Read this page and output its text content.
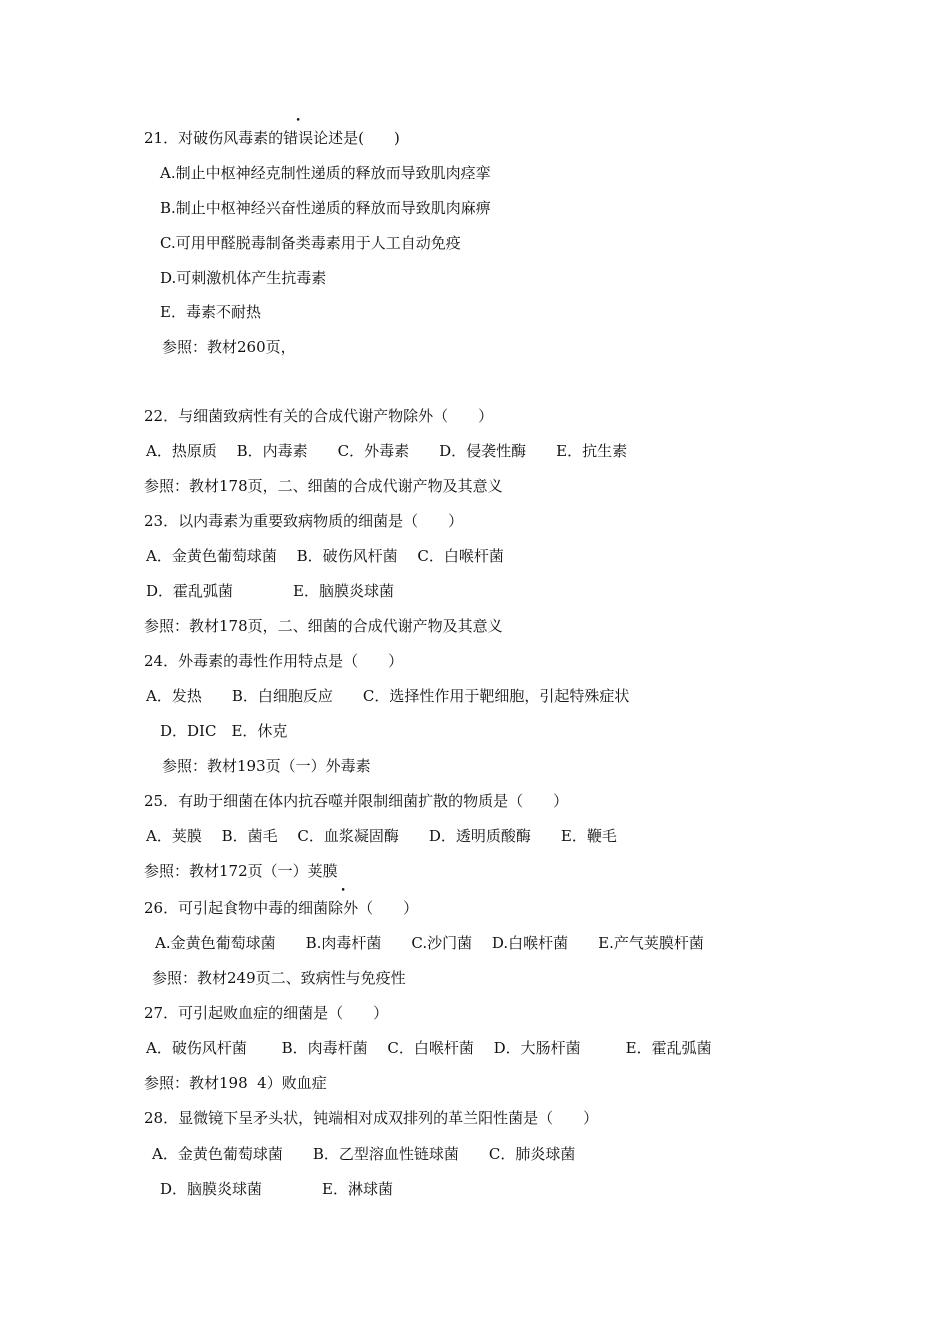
21．对破伤风毒素的错误论述是(　　)
A.制止中枢神经克制性递质的释放而导致肌肉痉挛
B.制止中枢神经兴奋性递质的释放而导致肌肉麻痹
C.可用甲醛脱毒制备类毒素用于人工自动免疫
D.可刺激机体产生抗毒素
E．毒素不耐热
参照：教材260页，
22．与细菌致病性有关的合成代谢产物除外（　　）
A．热原质　 B．内毒素　　C．外毒素　　D．侵袭性酶　　E．抗生素
参照：教材178页，二、细菌的合成代谢产物及其意义
23．以内毒素为重要致病物质的细菌是（　　）
A．金黄色葡萄球菌　 B．破伤风杆菌　 C．白喉杆菌
D．霍乱弧菌　　　　E．脑膜炎球菌
参照：教材178页，二、细菌的合成代谢产物及其意义
24．外毒素的毒性作用特点是（　　）
A．发热　　B．白细胞反应　　C．选择性作用于靶细胞，引起特殊症状
D．DIC　E．休克
参照：教材193页（一）外毒素
25．有助于细菌在体内抗吞噬并限制细菌扩散的物质是（　　）
A．荚膜　 B．菌毛　 C．血浆凝固酶　　D．透明质酸酶　　E．鞭毛
参照：教材172页（一）荚膜
26．可引起食物中毒的细菌除外（　　）
A.金黄色葡萄球菌　　B.肉毒杆菌　　C.沙门菌　 D.白喉杆菌　　E.产气荚膜杆菌
参照：教材249页二、致病性与免疫性
27．可引起败血症的细菌是（　　）
A．破伤风杆菌　　 B．肉毒杆菌　 C．白喉杆菌　 D．大肠杆菌　　　E．霍乱弧菌
参照：教材198  4）败血症
28．显微镜下呈矛头状，钝端相对成双排列的革兰阳性菌是（　　）
A．金黄色葡萄球菌　　B．乙型溶血性链球菌　　C．肺炎球菌
D．脑膜炎球菌　　　　E．淋球菌
